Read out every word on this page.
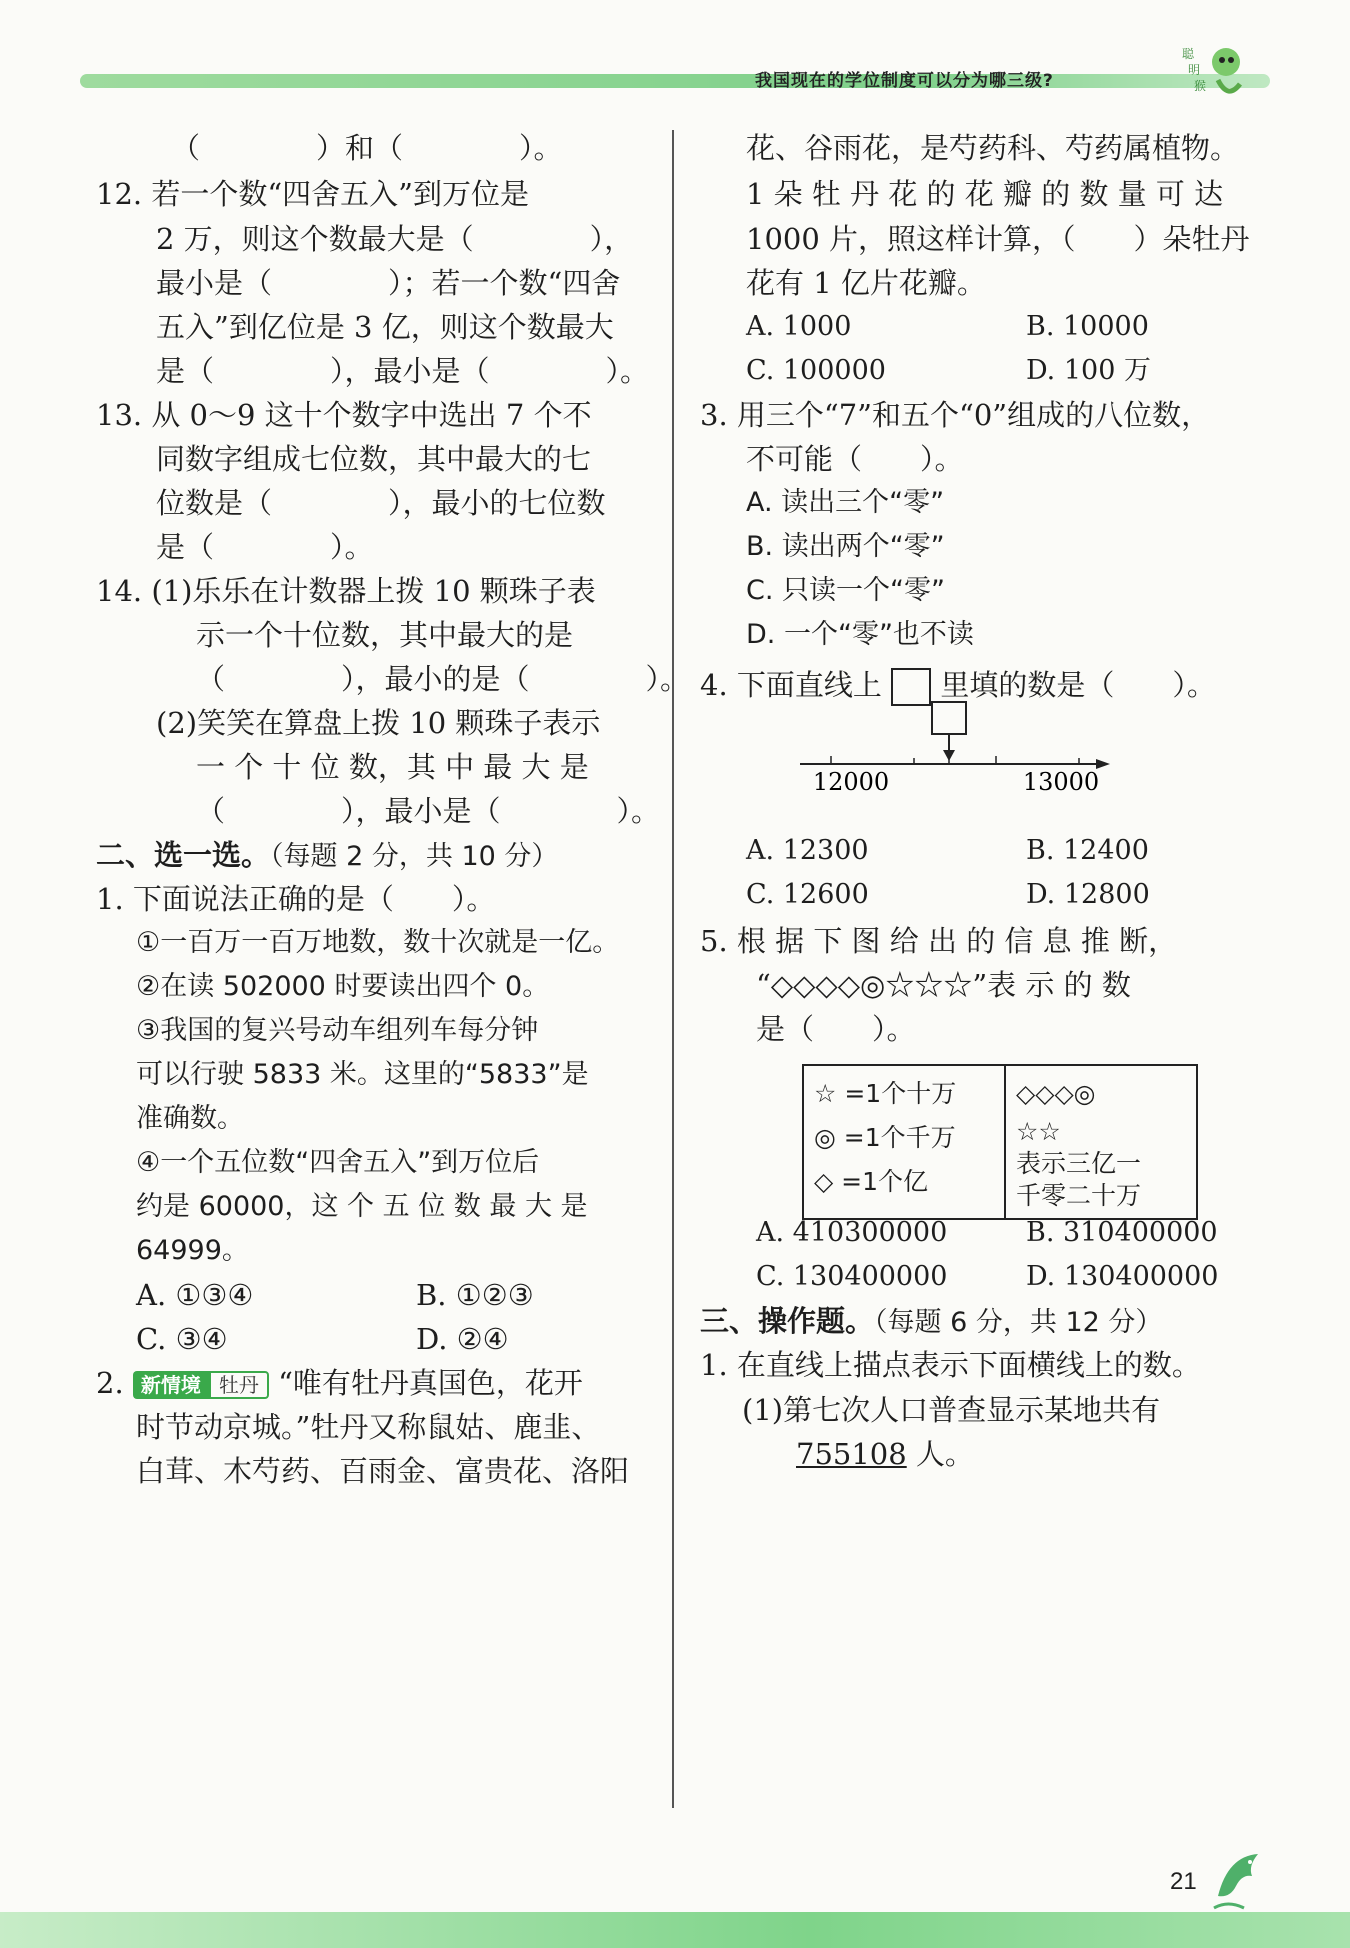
我国现在的学位制度可以分为哪三级?
聪
明
猴
（　　　　）和（　　　　）。
12. 若一个数“四舍五入”到万位是
2 万，则这个数最大是（　　　　），
最小是（　　　　）；若一个数“四舍
五入”到亿位是 3 亿，则这个数最大
是（　　　　），最小是（　　　　）。
13. 从 0～9 这十个数字中选出 7 个不
同数字组成七位数，其中最大的七
位数是（　　　　），最小的七位数
是（　　　　）。
14. (1)乐乐在计数器上拨 10 颗珠子表
示一个十位数，其中最大的是
（　　　　），最小的是（　　　　）。
(2)笑笑在算盘上拨 10 颗珠子表示
一 个 十 位 数，其 中 最 大 是
（　　　　），最小是（　　　　）。
二、选一选。（每题 2 分，共 10 分）
1. 下面说法正确的是（　　）。
①一百万一百万地数，数十次就是一亿。
②在读 502000 时要读出四个 0。
③我国的复兴号动车组列车每分钟
可以行驶 5833 米。这里的“5833”是
准确数。
④一个五位数“四舍五入”到万位后
约是 60000，这 个 五 位 数 最 大 是
64999。
A. ①③④	B. ①②③
C. ③④	D. ②④
2. 新情境 牡丹 “唯有牡丹真国色，花开
时节动京城。”牡丹又称鼠姑、鹿韭、
白茸、木芍药、百雨金、富贵花、洛阳
花、谷雨花，是芍药科、芍药属植物。
1 朵 牡 丹 花 的 花 瓣 的 数 量 可 达
1000 片，照这样计算，（　　）朵牡丹
花有 1 亿片花瓣。
A. 1000	B. 10000
C. 100000	D. 100 万
3. 用三个“7”和五个“0”组成的八位数，
不可能（　　）。
A. 读出三个“零”
B. 读出两个“零”
C. 只读一个“零”
D. 一个“零”也不读
4. 下面直线上 里填的数是（　　）。
12000	13000
A. 12300	B. 12400
C. 12600	D. 12800
5. 根 据 下 图 给 出 的 信 息 推 断，
“◇◇◇◇◎☆☆☆”表 示 的 数
是（　　）。
☆ =1个十万
◎ =1个千万
◇ =1个亿

◇◇◇◎
☆☆
表示三亿一
千零二十万
A. 410300000	B. 310400000
C. 130400000	D. 130400000
三、操作题。（每题 6 分，共 12 分）
1. 在直线上描点表示下面横线上的数。
(1)第七次人口普查显示某地共有
755108 人。
21
